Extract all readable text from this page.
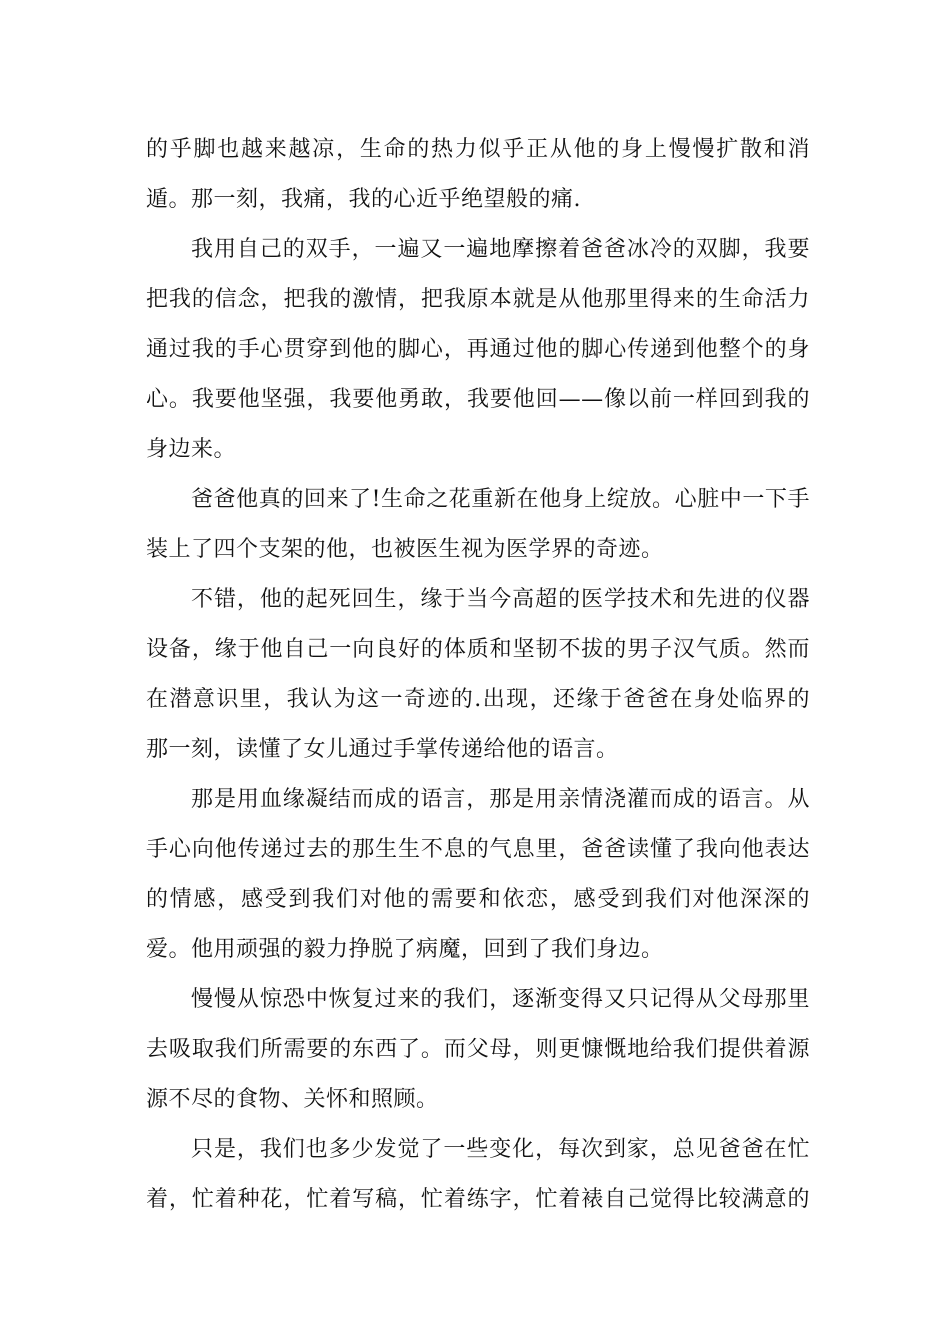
的乎脚也越来越凉，生命的热力似乎正从他的身上慢慢扩散和消
遁。那一刻，我痛，我的心近乎绝望般的痛.
我用自己的双手，一遍又一遍地摩擦着爸爸冰冷的双脚，我要
把我的信念，把我的激情，把我原本就是从他那里得来的生命活力
通过我的手心贯穿到他的脚心，再通过他的脚心传递到他整个的身
心。我要他坚强，我要他勇敢，我要他回——像以前一样回到我的
身边来。
爸爸他真的回来了!生命之花重新在他身上绽放。心脏中一下手
装上了四个支架的他，也被医生视为医学界的奇迹。
不错，他的起死回生，缘于当今高超的医学技术和先进的仪器
设备，缘于他自己一向良好的体质和坚韧不拔的男子汉气质。然而
在潜意识里，我认为这一奇迹的.出现，还缘于爸爸在身处临界的
那一刻，读懂了女儿通过手掌传递给他的语言。
那是用血缘凝结而成的语言，那是用亲情浇灌而成的语言。从
手心向他传递过去的那生生不息的气息里，爸爸读懂了我向他表达
的情感，感受到我们对他的需要和依恋，感受到我们对他深深的
爱。他用顽强的毅力挣脱了病魔，回到了我们身边。
慢慢从惊恐中恢复过来的我们，逐渐变得又只记得从父母那里
去吸取我们所需要的东西了。而父母，则更慷慨地给我们提供着源
源不尽的食物、关怀和照顾。
只是，我们也多少发觉了一些变化，每次到家，总见爸爸在忙
着，忙着种花，忙着写稿，忙着练字，忙着裱自己觉得比较满意的
